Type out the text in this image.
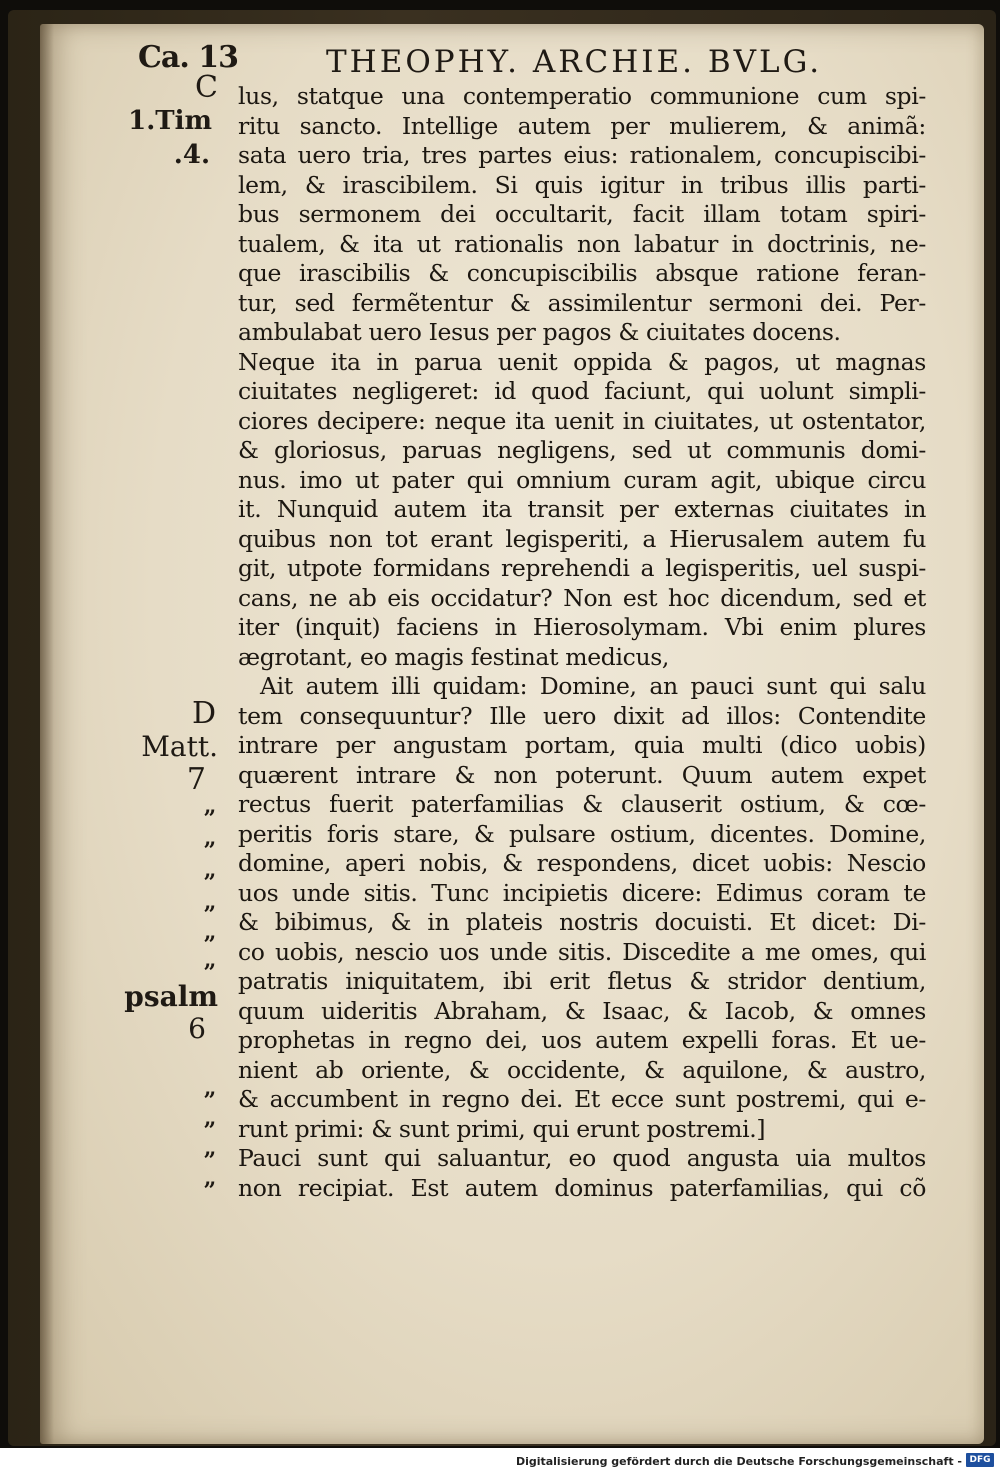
Ca. 13	THEOPHY. ARCHIE. BVLG.
C
1.Tim
.4.
D
Matt.
7
psalm
6
”
”
”
”
”
”
”
”
”
”
lus, statque una contemperatio communione cum spi-
ritu sancto. Intellige autem per mulierem, & animã:
sata uero tria, tres partes eius: rationalem, concupiscibi-
lem, & irascibilem. Si quis igitur in tribus illis parti-
bus sermonem dei occultarit, facit illam totam spiri-
tualem, & ita ut rationalis non labatur in doctrinis, ne-
que irascibilis & concupiscibilis absque ratione feran-
tur, sed fermẽtentur & assimilentur sermoni dei. Per-
ambulabat uero Iesus per pagos & ciuitates docens.
Neque ita in parua uenit oppida & pagos, ut magnas
ciuitates negligeret: id quod faciunt, qui uolunt simpli-
ciores decipere: neque ita uenit in ciuitates, ut ostentator,
& gloriosus, paruas negligens, sed ut communis domi-
nus. imo ut pater qui omnium curam agit, ubique circu
it. Nunquid autem ita transit per externas ciuitates in
quibus non tot erant legisperiti, a Hierusalem autem fu
git, utpote formidans reprehendi a legisperitis, uel suspi-
cans, ne ab eis occidatur? Non est hoc dicendum, sed et
iter (inquit) faciens in Hierosolymam. Vbi enim plures
ægrotant, eo magis festinat medicus,
Ait autem illi quidam: Domine, an pauci sunt qui salu
tem consequuntur? Ille uero dixit ad illos: Contendite
intrare per angustam portam, quia multi (dico uobis)
quærent intrare & non poterunt. Quum autem expet
rectus fuerit paterfamilias & clauserit ostium, & cœ-
peritis foris stare, & pulsare ostium, dicentes. Domine,
domine, aperi nobis, & respondens, dicet uobis: Nescio
uos unde sitis. Tunc incipietis dicere: Edimus coram te
& bibimus, & in plateis nostris docuisti. Et dicet: Di-
co uobis, nescio uos unde sitis. Discedite a me omes, qui
patratis iniquitatem, ibi erit fletus & stridor dentium,
quum uideritis Abraham, & Isaac, & Iacob, & omnes
prophetas in regno dei, uos autem expelli foras. Et ue-
nient ab oriente, & occidente, & aquilone, & austro,
& accumbent in regno dei. Et ecce sunt postremi, qui e-
runt primi: & sunt primi, qui erunt postremi.]
Pauci sunt qui saluantur, eo quod angusta uia multos
non recipiat. Est autem dominus paterfamilias, qui cõ
Digitalisierung gefördert durch die Deutsche Forschungsgemeinschaft - DFG
